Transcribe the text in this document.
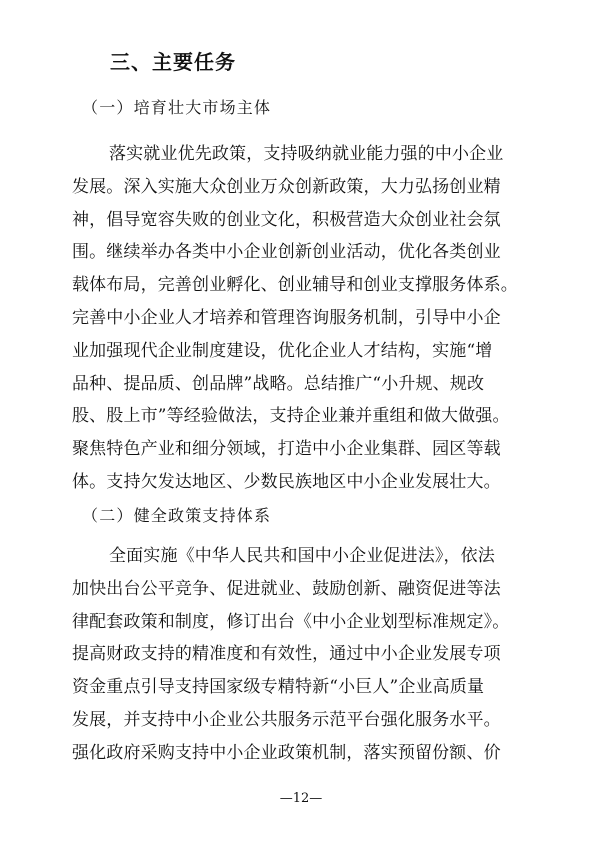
三、主要任务
（一）培育壮大市场主体
落实就业优先政策，支持吸纳就业能力强的中小企业
发展。深入实施大众创业万众创新政策，大力弘扬创业精
神，倡导宽容失败的创业文化，积极营造大众创业社会氛
围。继续举办各类中小企业创新创业活动，优化各类创业
载体布局，完善创业孵化、创业辅导和创业支撑服务体系。
完善中小企业人才培养和管理咨询服务机制，引导中小企
业加强现代企业制度建设，优化企业人才结构，实施“增
品种、提品质、创品牌”战略。总结推广“小升规、规改
股、股上市”等经验做法，支持企业兼并重组和做大做强。
聚焦特色产业和细分领域，打造中小企业集群、园区等载
体。支持欠发达地区、少数民族地区中小企业发展壮大。
（二）健全政策支持体系
全面实施《中华人民共和国中小企业促进法》，依法
加快出台公平竞争、促进就业、鼓励创新、融资促进等法
律配套政策和制度，修订出台《中小企业划型标准规定》。
提高财政支持的精准度和有效性，通过中小企业发展专项
资金重点引导支持国家级专精特新“小巨人”企业高质量
发展，并支持中小企业公共服务示范平台强化服务水平。
强化政府采购支持中小企业政策机制，落实预留份额、价
—12—
